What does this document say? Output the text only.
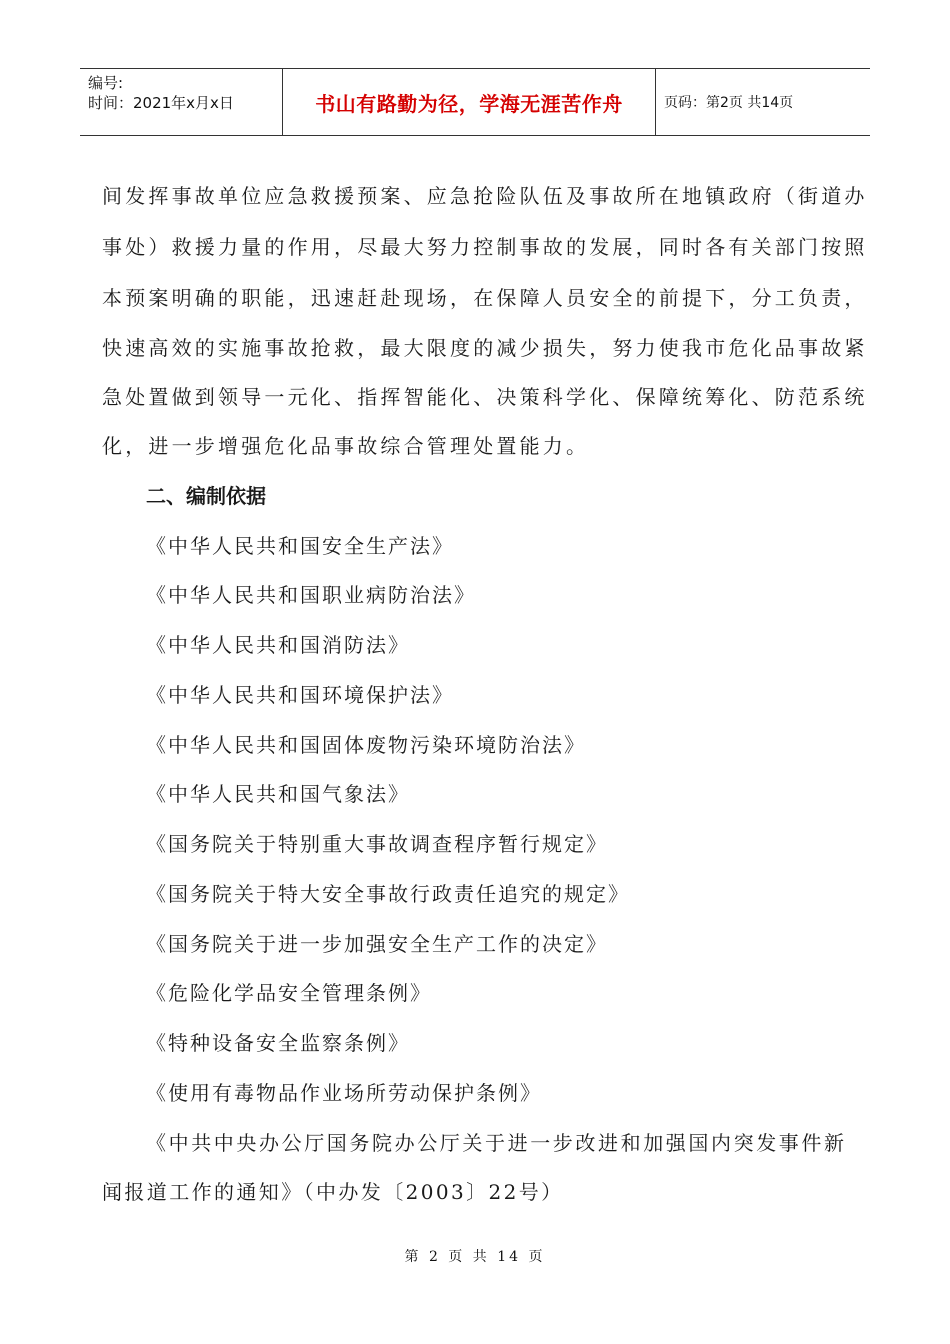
编号:
时间：2021年x月x日	书山有路勤为径，学海无涯苦作舟	页码：第2页 共14页

间发挥事故单位应急救援预案、应急抢险队伍及事故所在地镇政府（街道办

事处）救援力量的作用，尽最大努力控制事故的发展，同时各有关部门按照

本预案明确的职能，迅速赶赴现场，在保障人员安全的前提下，分工负责，

快速高效的实施事故抢救，最大限度的减少损失，努力使我市危化品事故紧

急处置做到领导一元化、指挥智能化、决策科学化、保障统筹化、防范系统

化，进一步增强危化品事故综合管理处置能力。

二、编制依据

《中华人民共和国安全生产法》

《中华人民共和国职业病防治法》

《中华人民共和国消防法》

《中华人民共和国环境保护法》

《中华人民共和国固体废物污染环境防治法》

《中华人民共和国气象法》

《国务院关于特别重大事故调查程序暂行规定》

《国务院关于特大安全事故行政责任追究的规定》

《国务院关于进一步加强安全生产工作的决定》

《危险化学品安全管理条例》

《特种设备安全监察条例》

《使用有毒物品作业场所劳动保护条例》

《中共中央办公厅国务院办公厅关于进一步改进和加强国内突发事件新

闻报道工作的通知》（中办发〔2003〕22号）

第 2 页 共 14 页
